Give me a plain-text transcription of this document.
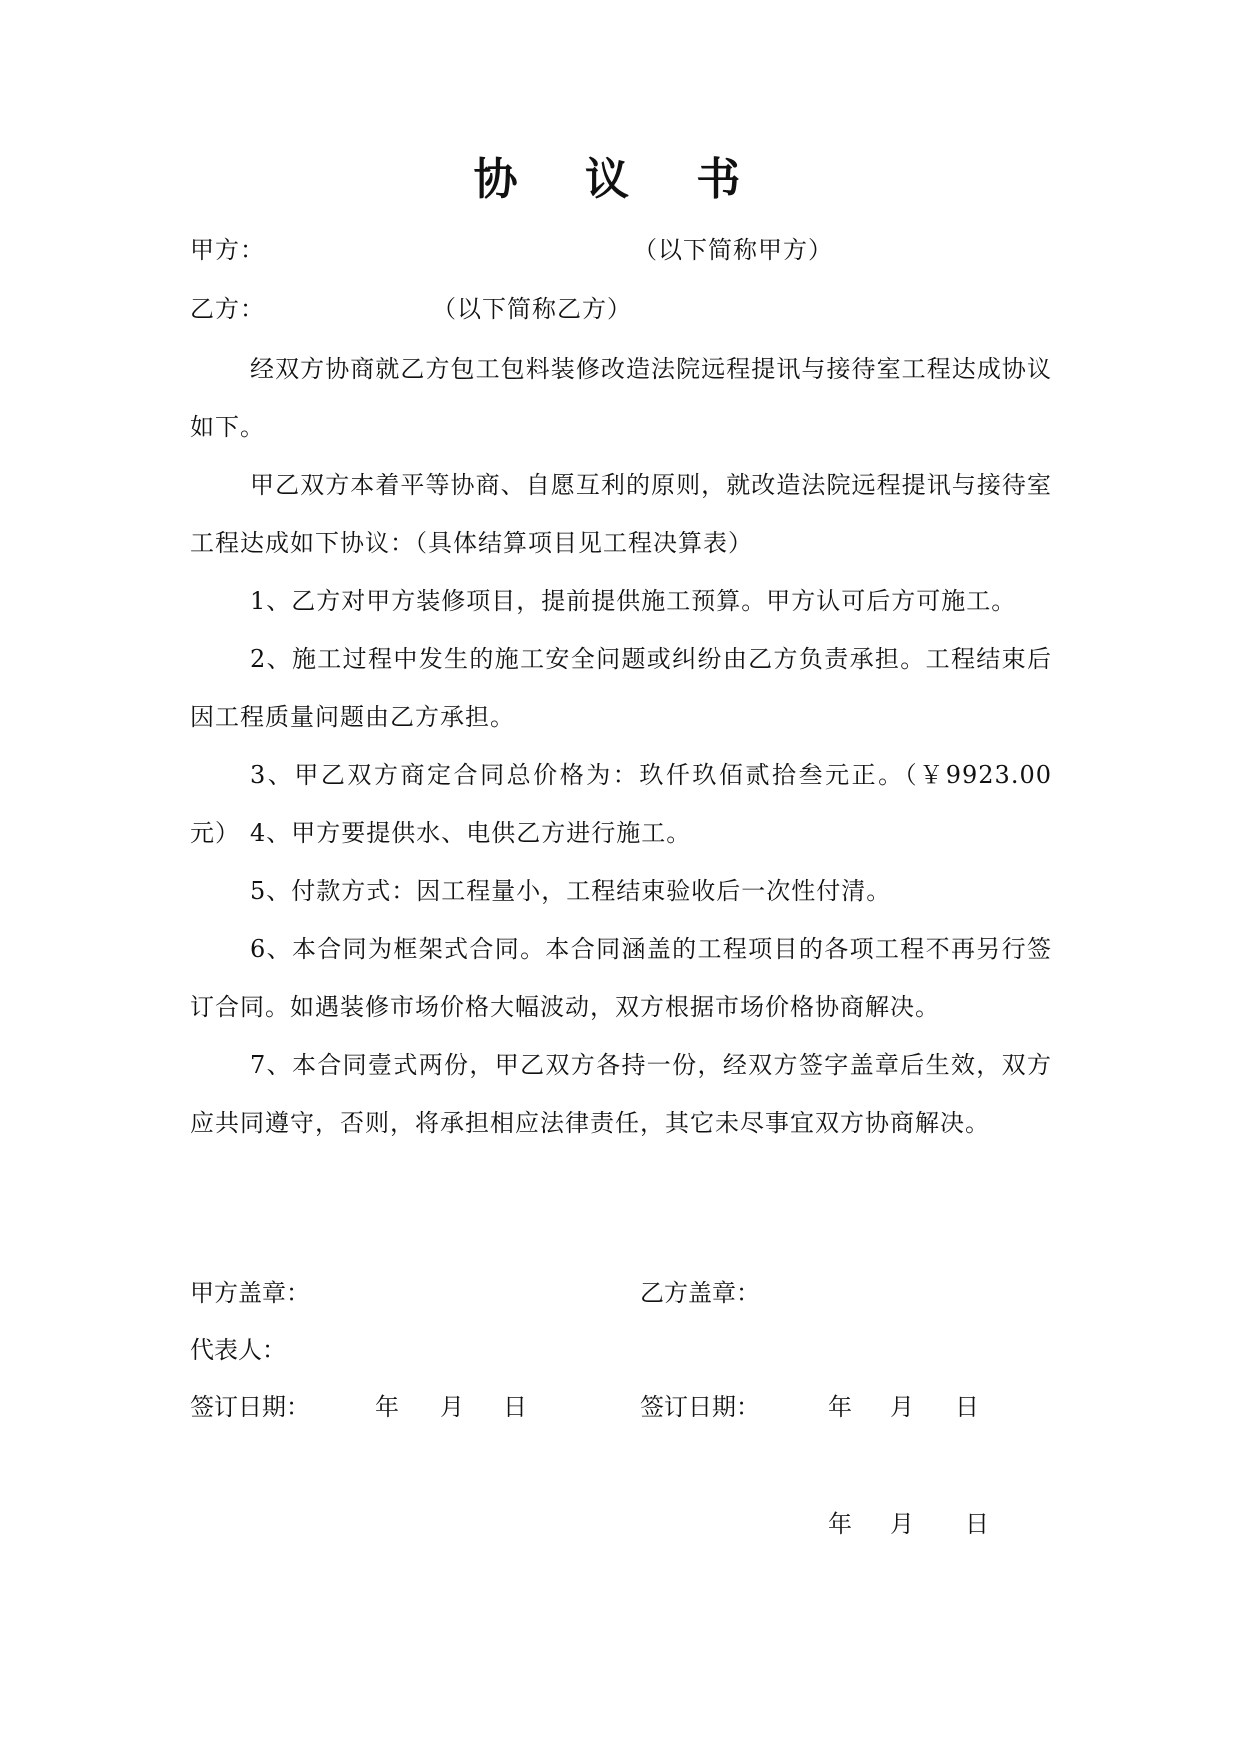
协 议 书
甲方：	（以下简称甲方）
乙方：	（以下简称乙方）
经双方协商就乙方包工包料装修改造法院远程提讯与接待室工程达成协议如下。
甲乙双方本着平等协商、自愿互利的原则，就改造法院远程提讯与接待室工程达成如下协议：（具体结算项目见工程决算表）
1、乙方对甲方装修项目，提前提供施工预算。甲方认可后方可施工。
2、施工过程中发生的施工安全问题或纠纷由乙方负责承担。工程结束后因工程质量问题由乙方承担。
3、甲乙双方商定合同总价格为：玖仟玖佰贰拾叁元正。（￥9923.00 元） 4、甲方要提供水、电供乙方进行施工。
5、付款方式：因工程量小，工程结束验收后一次性付清。
6、本合同为框架式合同。本合同涵盖的工程项目的各项工程不再另行签订合同。如遇装修市场价格大幅波动，双方根据市场价格协商解决。
7、本合同壹式两份，甲乙双方各持一份，经双方签字盖章后生效，双方应共同遵守，否则，将承担相应法律责任，其它未尽事宜双方协商解决。
甲方盖章：	乙方盖章：
代表人：
签订日期：	年 月 日	签订日期：	年 月 日
年 月 日
